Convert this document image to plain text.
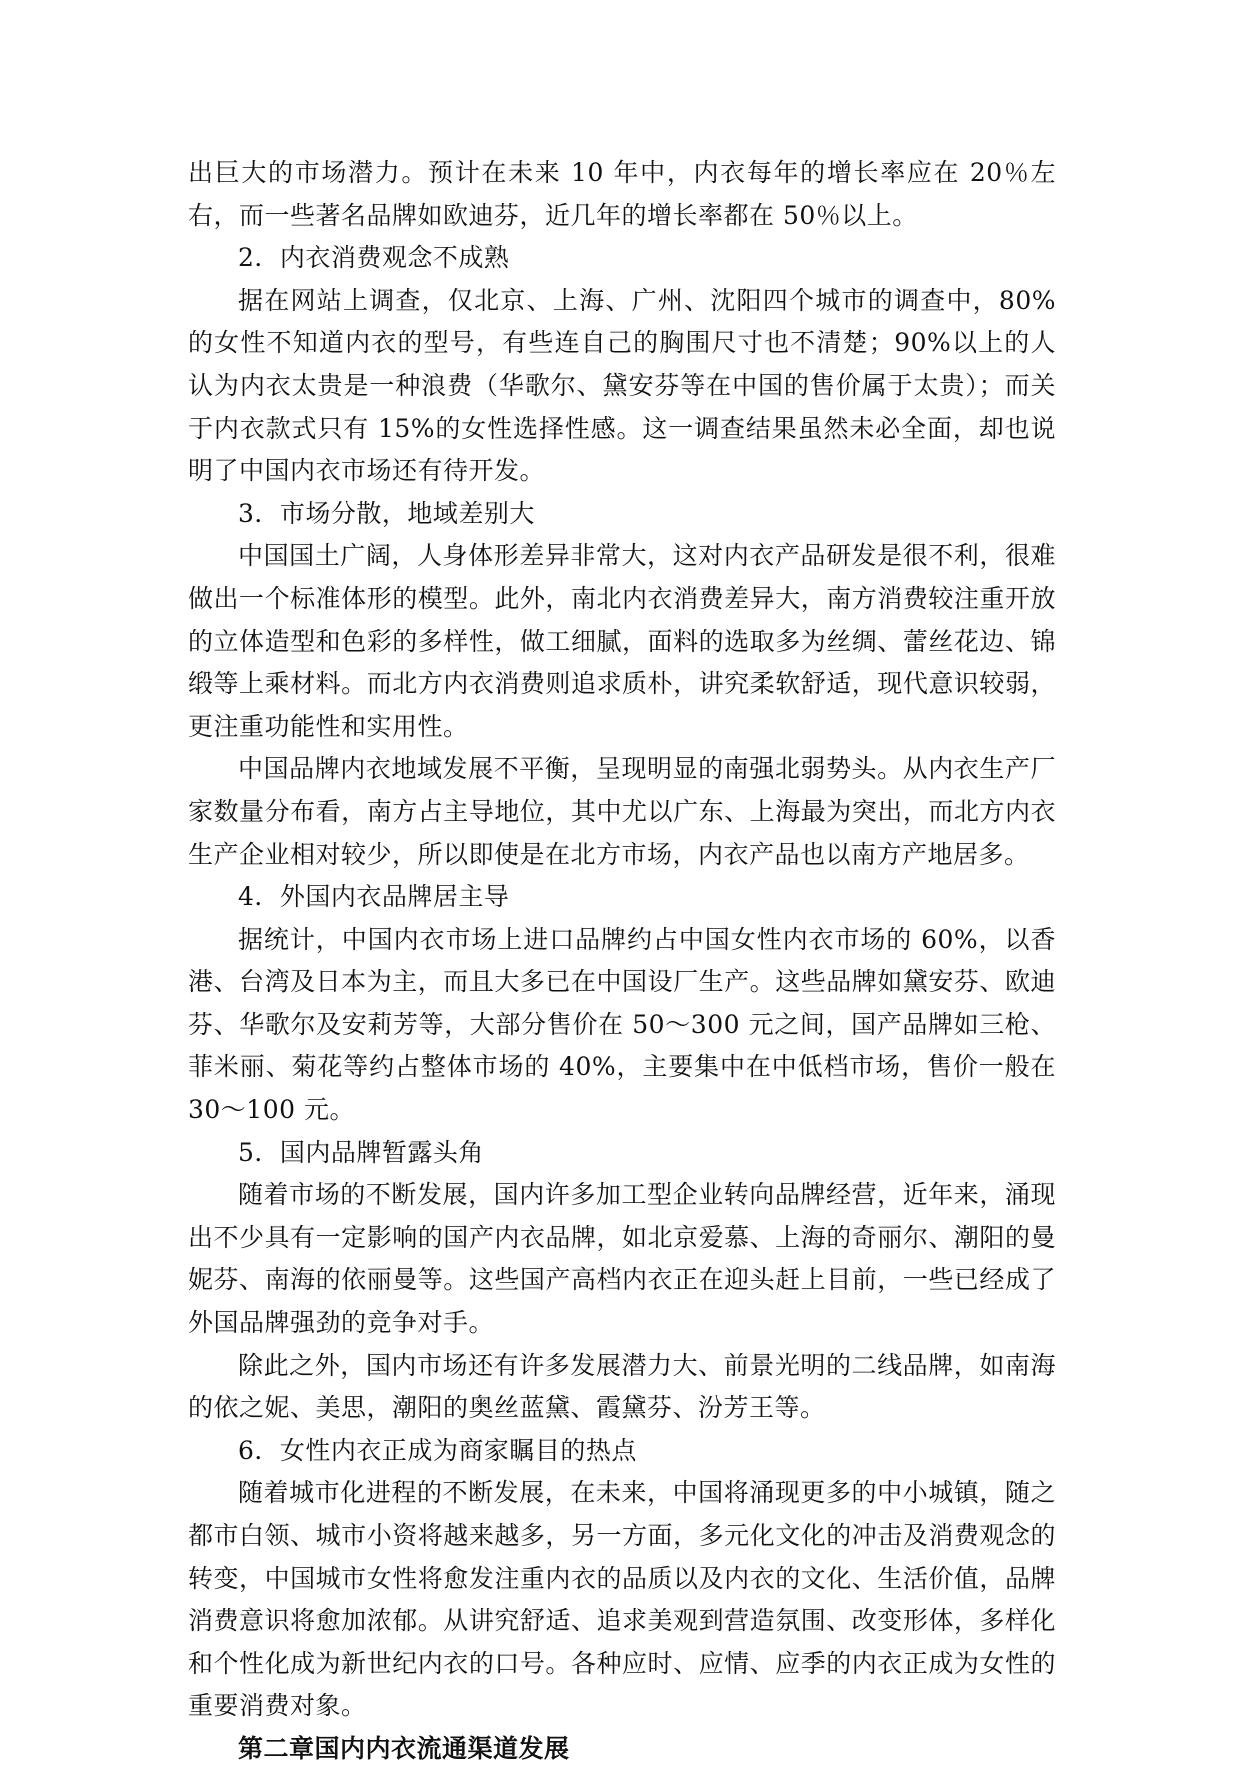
出巨大的市场潜力。预计在未来 10 年中，内衣每年的增长率应在 20％左右，而一些著名品牌如欧迪芬，近几年的增长率都在 50％以上。

2．内衣消费观念不成熟

据在网站上调查，仅北京、上海、广州、沈阳四个城市的调查中，80%的女性不知道内衣的型号，有些连自己的胸围尺寸也不清楚；90%以上的人认为内衣太贵是一种浪费（华歌尔、黛安芬等在中国的售价属于太贵）；而关于内衣款式只有 15%的女性选择性感。这一调查结果虽然未必全面，却也说明了中国内衣市场还有待开发。

3．市场分散，地域差别大

中国国土广阔，人身体形差异非常大，这对内衣产品研发是很不利，很难做出一个标准体形的模型。此外，南北内衣消费差异大，南方消费较注重开放的立体造型和色彩的多样性，做工细腻，面料的选取多为丝绸、蕾丝花边、锦缎等上乘材料。而北方内衣消费则追求质朴，讲究柔软舒适，现代意识较弱，更注重功能性和实用性。

中国品牌内衣地域发展不平衡，呈现明显的南强北弱势头。从内衣生产厂家数量分布看，南方占主导地位，其中尤以广东、上海最为突出，而北方内衣生产企业相对较少，所以即使是在北方市场，内衣产品也以南方产地居多。

4．外国内衣品牌居主导

据统计，中国内衣市场上进口品牌约占中国女性内衣市场的 60%，以香港、台湾及日本为主，而且大多已在中国设厂生产。这些品牌如黛安芬、欧迪芬、华歌尔及安莉芳等，大部分售价在 50～300 元之间，国产品牌如三枪、菲米丽、菊花等约占整体市场的 40%，主要集中在中低档市场，售价一般在 30～100 元。

5．国内品牌暂露头角

随着市场的不断发展，国内许多加工型企业转向品牌经营，近年来，涌现出不少具有一定影响的国产内衣品牌，如北京爱慕、上海的奇丽尔、潮阳的曼妮芬、南海的依丽曼等。这些国产高档内衣正在迎头赶上目前，一些已经成了外国品牌强劲的竞争对手。

除此之外，国内市场还有许多发展潜力大、前景光明的二线品牌，如南海的依之妮、美思，潮阳的奥丝蓝黛、霞黛芬、汾芳王等。

6．女性内衣正成为商家瞩目的热点

随着城市化进程的不断发展，在未来，中国将涌现更多的中小城镇，随之都市白领、城市小资将越来越多，另一方面，多元化文化的冲击及消费观念的转变，中国城市女性将愈发注重内衣的品质以及内衣的文化、生活价值，品牌消费意识将愈加浓郁。从讲究舒适、追求美观到营造氛围、改变形体，多样化和个性化成为新世纪内衣的口号。各种应时、应情、应季的内衣正成为女性的重要消费对象。

第二章国内内衣流通渠道发展
